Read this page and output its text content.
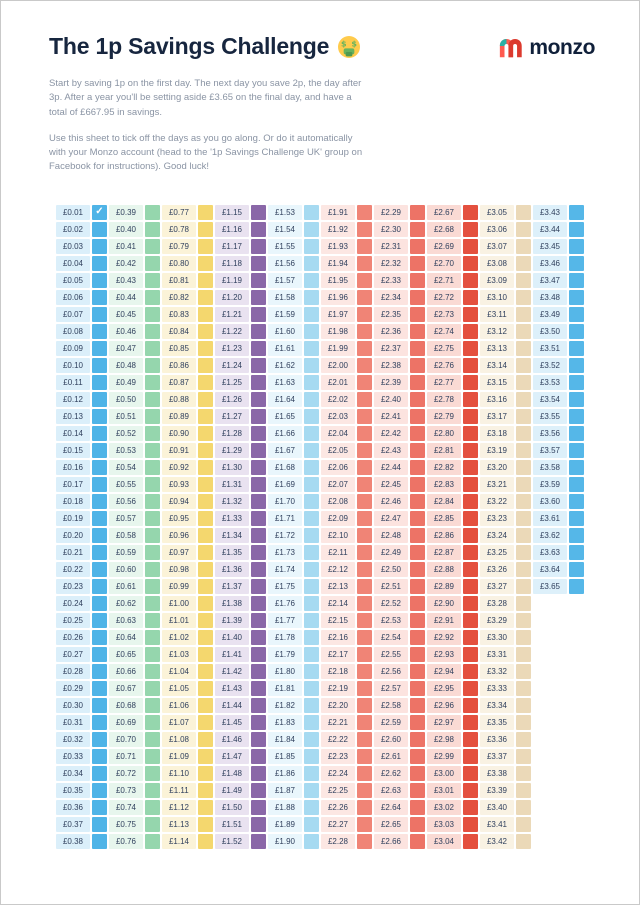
The 1p Savings Challenge $ $	monzo

Start by saving 1p on the first day. The next day you save 2p, the day after 3p. After a year you'll be setting aside £3.65 on the final day, and have a total of £667.95 in savings.

Use this sheet to tick off the days as you go along. Or do it automatically with your Monzo account (head to the '1p Savings Challenge UK' group on Facebook for instructions). Good luck!

£0.01	✓
£0.02
£0.03
£0.04
£0.05
£0.06
£0.07
£0.08
£0.09
£0.10
£0.11
£0.12
£0.13
£0.14
£0.15
£0.16
£0.17
£0.18
£0.19
£0.20
£0.21
£0.22
£0.23
£0.24
£0.25
£0.26
£0.27
£0.28
£0.29
£0.30
£0.31
£0.32
£0.33
£0.34
£0.35
£0.36
£0.37
£0.38
£0.39
£0.40
£0.41
£0.42
£0.43
£0.44
£0.45
£0.46
£0.47
£0.48
£0.49
£0.50
£0.51
£0.52
£0.53
£0.54
£0.55
£0.56
£0.57
£0.58
£0.59
£0.60
£0.61
£0.62
£0.63
£0.64
£0.65
£0.66
£0.67
£0.68
£0.69
£0.70
£0.71
£0.72
£0.73
£0.74
£0.75
£0.76
£0.77
£0.78
£0.79
£0.80
£0.81
£0.82
£0.83
£0.84
£0.85
£0.86
£0.87
£0.88
£0.89
£0.90
£0.91
£0.92
£0.93
£0.94
£0.95
£0.96
£0.97
£0.98
£0.99
£1.00
£1.01
£1.02
£1.03
£1.04
£1.05
£1.06
£1.07
£1.08
£1.09
£1.10
£1.11
£1.12
£1.13
£1.14
£1.15
£1.16
£1.17
£1.18
£1.19
£1.20
£1.21
£1.22
£1.23
£1.24
£1.25
£1.26
£1.27
£1.28
£1.29
£1.30
£1.31
£1.32
£1.33
£1.34
£1.35
£1.36
£1.37
£1.38
£1.39
£1.40
£1.41
£1.42
£1.43
£1.44
£1.45
£1.46
£1.47
£1.48
£1.49
£1.50
£1.51
£1.52
£1.53
£1.54
£1.55
£1.56
£1.57
£1.58
£1.59
£1.60
£1.61
£1.62
£1.63
£1.64
£1.65
£1.66
£1.67
£1.68
£1.69
£1.70
£1.71
£1.72
£1.73
£1.74
£1.75
£1.76
£1.77
£1.78
£1.79
£1.80
£1.81
£1.82
£1.83
£1.84
£1.85
£1.86
£1.87
£1.88
£1.89
£1.90
£1.91
£1.92
£1.93
£1.94
£1.95
£1.96
£1.97
£1.98
£1.99
£2.00
£2.01
£2.02
£2.03
£2.04
£2.05
£2.06
£2.07
£2.08
£2.09
£2.10
£2.11
£2.12
£2.13
£2.14
£2.15
£2.16
£2.17
£2.18
£2.19
£2.20
£2.21
£2.22
£2.23
£2.24
£2.25
£2.26
£2.27
£2.28
£2.29
£2.30
£2.31
£2.32
£2.33
£2.34
£2.35
£2.36
£2.37
£2.38
£2.39
£2.40
£2.41
£2.42
£2.43
£2.44
£2.45
£2.46
£2.47
£2.48
£2.49
£2.50
£2.51
£2.52
£2.53
£2.54
£2.55
£2.56
£2.57
£2.58
£2.59
£2.60
£2.61
£2.62
£2.63
£2.64
£2.65
£2.66
£2.67
£2.68
£2.69
£2.70
£2.71
£2.72
£2.73
£2.74
£2.75
£2.76
£2.77
£2.78
£2.79
£2.80
£2.81
£2.82
£2.83
£2.84
£2.85
£2.86
£2.87
£2.88
£2.89
£2.90
£2.91
£2.92
£2.93
£2.94
£2.95
£2.96
£2.97
£2.98
£2.99
£3.00
£3.01
£3.02
£3.03
£3.04
£3.05
£3.06
£3.07
£3.08
£3.09
£3.10
£3.11
£3.12
£3.13
£3.14
£3.15
£3.16
£3.17
£3.18
£3.19
£3.20
£3.21
£3.22
£3.23
£3.24
£3.25
£3.26
£3.27
£3.28
£3.29
£3.30
£3.31
£3.32
£3.33
£3.34
£3.35
£3.36
£3.37
£3.38
£3.39
£3.40
£3.41
£3.42
£3.43
£3.44
£3.45
£3.46
£3.47
£3.48
£3.49
£3.50
£3.51
£3.52
£3.53
£3.54
£3.55
£3.56
£3.57
£3.58
£3.59
£3.60
£3.61
£3.62
£3.63
£3.64
£3.65
